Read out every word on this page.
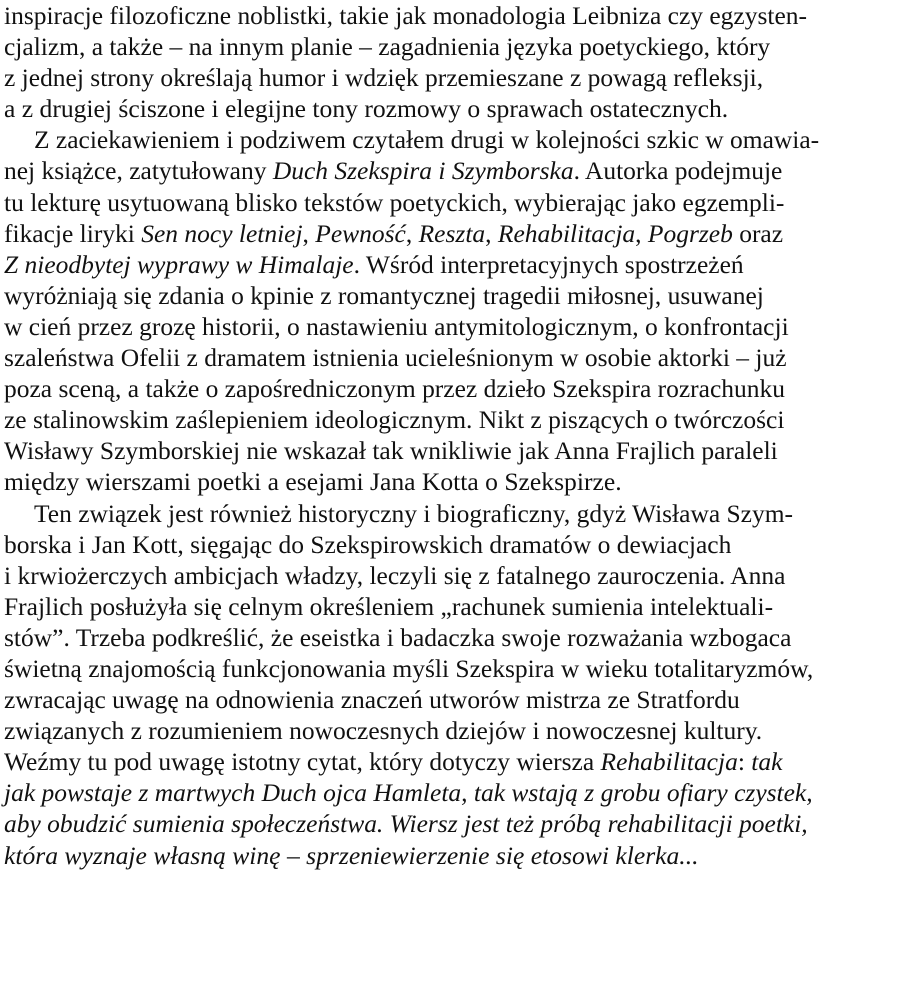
inspiracje filozoficzne noblistki, takie jak monadologia Leibniza czy egzysten-
cjalizm, a także – na innym planie – zagadnienia języka poetyckiego, który
z jednej strony określają humor i wdzięk przemieszane z powagą refleksji,
a z drugiej ściszone i elegijne tony rozmowy o sprawach ostatecznych.
Z zaciekawieniem i podziwem czytałem drugi w kolejności szkic w omawia-
nej książce, zatytułowany Duch Szekspira i Szymborska. Autorka podejmuje
tu lekturę usytuowaną blisko tekstów poetyckich, wybierając jako egzempli-
fikacje liryki Sen nocy letniej, Pewność, Reszta, Rehabilitacja, Pogrzeb oraz
Z nieodbytej wyprawy w Himalaje. Wśród interpretacyjnych spostrzeżeń
wyróżniają się zdania o kpinie z romantycznej tragedii miłosnej, usuwanej
w cień przez grozę historii, o nastawieniu antymitologicznym, o konfrontacji
szaleństwa Ofelii z dramatem istnienia ucieleśnionym w osobie aktorki – już
poza sceną, a także o zapośredniczonym przez dzieło Szekspira rozrachunku
ze stalinowskim zaślepieniem ideologicznym. Nikt z piszących o twórczości
Wisławy Szymborskiej nie wskazał tak wnikliwie jak Anna Frajlich paraleli
między wierszami poetki a esejami Jana Kotta o Szekspirze.
Ten związek jest również historyczny i biograficzny, gdyż Wisława Szym-
borska i Jan Kott, sięgając do Szekspirowskich dramatów o dewiacjach
i krwiożerczych ambicjach władzy, leczyli się z fatalnego zauroczenia. Anna
Frajlich posłużyła się celnym określeniem „rachunek sumienia intelektuali-
stów”. Trzeba podkreślić, że eseistka i badaczka swoje rozważania wzbogaca
świetną znajomością funkcjonowania myśli Szekspira w wieku totalitaryzmów,
zwracając uwagę na odnowienia znaczeń utworów mistrza ze Stratfordu
związanych z rozumieniem nowoczesnych dziejów i nowoczesnej kultury.
Weźmy tu pod uwagę istotny cytat, który dotyczy wiersza Rehabilitacja: tak
jak powstaje z martwych Duch ojca Hamleta, tak wstają z grobu ofiary czystek,
aby obudzić sumienia społeczeństwa. Wiersz jest też próbą rehabilitacji poetki,
która wyznaje własną winę – sprzeniewierzenie się etosowi klerka...
